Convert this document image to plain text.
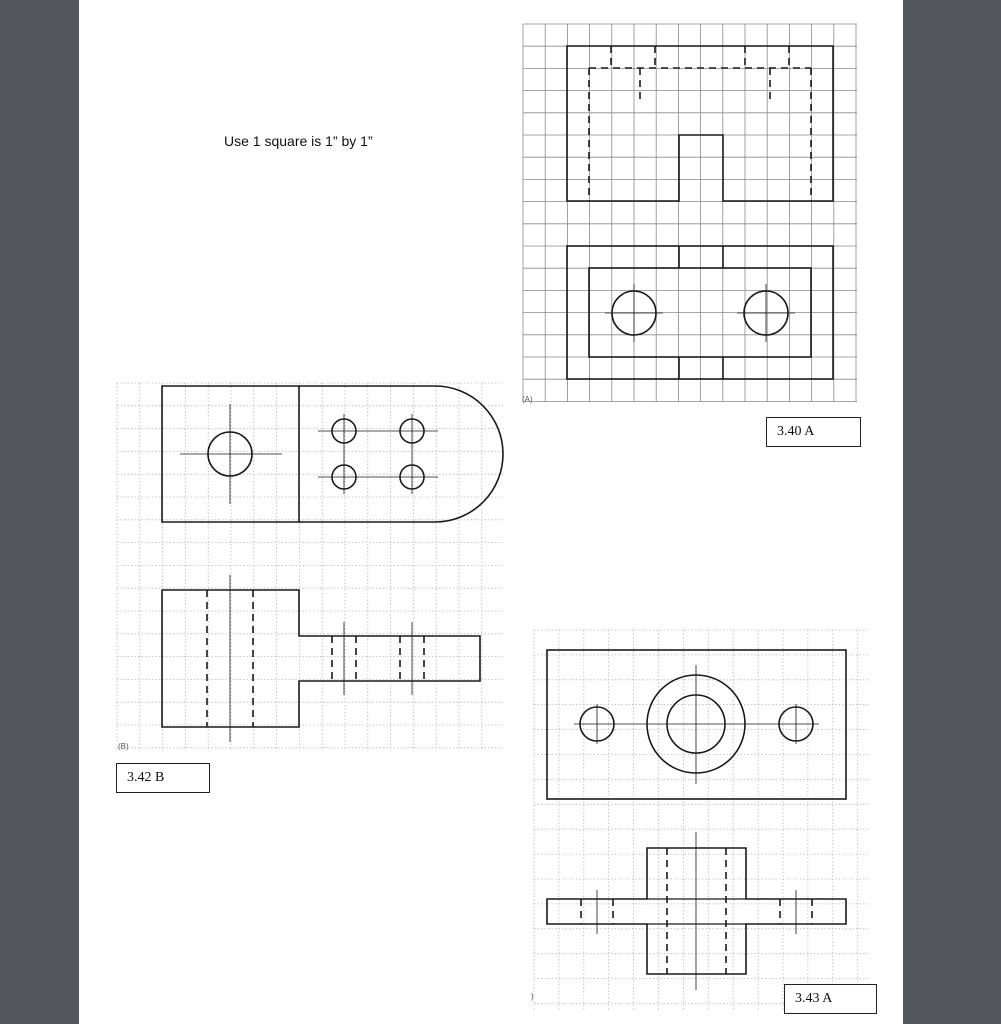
Use 1 square is 1” by 1”
(A)
3.40 A
(B)
3.42 B
)	3.43 A
